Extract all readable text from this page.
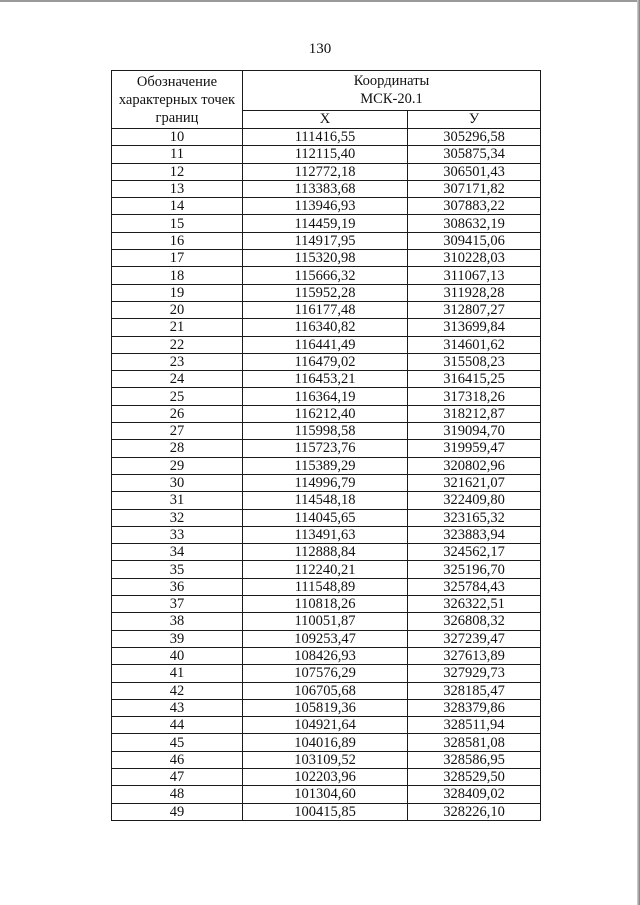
130
Обозначение
характерных точек
границ	Координаты
МСК-20.1	

	X	У
10	111416,55	305296,58
11	112115,40	305875,34
12	112772,18	306501,43
13	113383,68	307171,82
14	113946,93	307883,22
15	114459,19	308632,19
16	114917,95	309415,06
17	115320,98	310228,03
18	115666,32	311067,13
19	115952,28	311928,28
20	116177,48	312807,27
21	116340,82	313699,84
22	116441,49	314601,62
23	116479,02	315508,23
24	116453,21	316415,25
25	116364,19	317318,26
26	116212,40	318212,87
27	115998,58	319094,70
28	115723,76	319959,47
29	115389,29	320802,96
30	114996,79	321621,07
31	114548,18	322409,80
32	114045,65	323165,32
33	113491,63	323883,94
34	112888,84	324562,17
35	112240,21	325196,70
36	111548,89	325784,43
37	110818,26	326322,51
38	110051,87	326808,32
39	109253,47	327239,47
40	108426,93	327613,89
41	107576,29	327929,73
42	106705,68	328185,47
43	105819,36	328379,86
44	104921,64	328511,94
45	104016,89	328581,08
46	103109,52	328586,95
47	102203,96	328529,50
48	101304,60	328409,02
49	100415,85	328226,10
